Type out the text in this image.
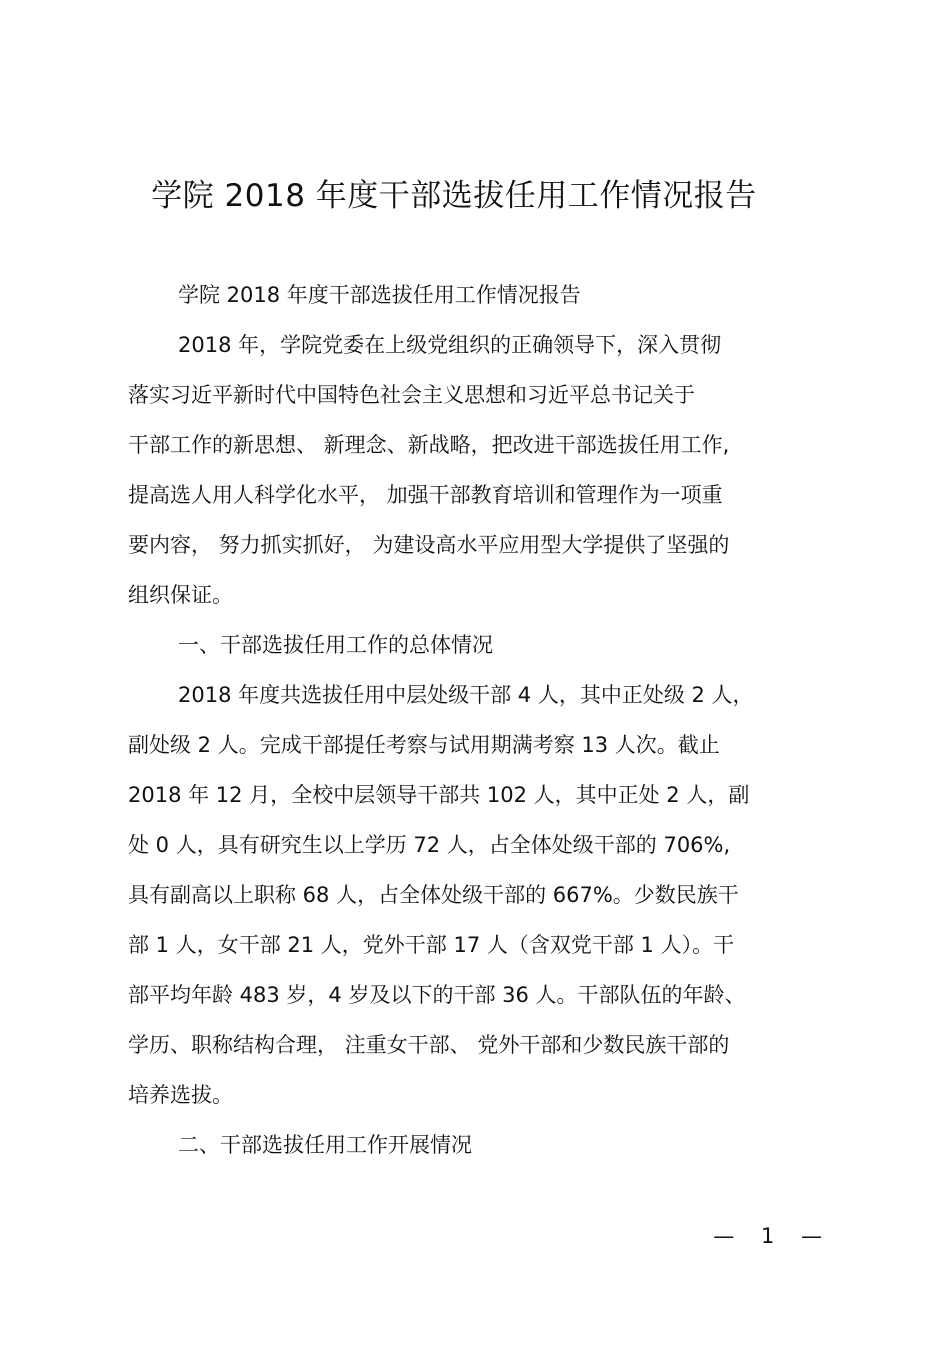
学院 2018 年度干部选拔任用工作情况报告
学院 2018 年度干部选拔任用工作情况报告
2018 年，学院党委在上级党组织的正确领导下，深入贯彻
落实习近平新时代中国特色社会主义思想和习近平总书记关于
干部工作的新思想、 新理念、新战略，把改进干部选拔任用工作,
提高选人用人科学化水平， 加强干部教育培训和管理作为一项重
要内容， 努力抓实抓好， 为建设高水平应用型大学提供了坚强的
组织保证。
一、干部选拔任用工作的总体情况
2018 年度共选拔任用中层处级干部 4 人，其中正处级 2 人，
副处级 2 人。完成干部提任考察与试用期满考察 13 人次。截止
2018 年 12 月，全校中层领导干部共 102 人，其中正处 2 人，副
处 0 人，具有研究生以上学历 72 人，占全体处级干部的 706%,
具有副高以上职称 68 人，占全体处级干部的 667%。少数民族干
部 1 人，女干部 21 人，党外干部 17 人（含双党干部 1 人）。干
部平均年龄 483 岁，4 岁及以下的干部 36 人。干部队伍的年龄、
学历、职称结构合理， 注重女干部、 党外干部和少数民族干部的
培养选拔。
二、干部选拔任用工作开展情况
— 1 —
